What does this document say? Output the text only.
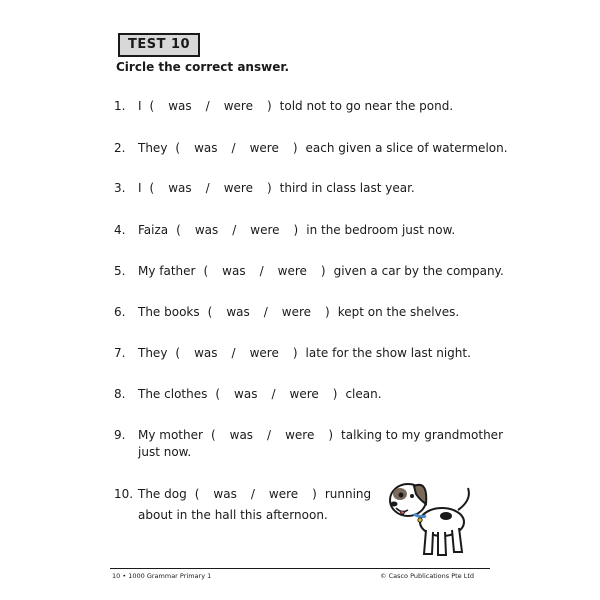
TEST 10
Circle the correct answer.
1. I ( was / were ) told not to go near the pond.
2. They ( was / were ) each given a slice of watermelon.
3. I ( was / were ) third in class last year.
4. Faiza ( was / were ) in the bedroom just now.
5. My father ( was / were ) given a car by the company.
6. The books ( was / were ) kept on the shelves.
7. They ( was / were ) late for the show last night.
8. The clothes ( was / were ) clean.
9. My mother ( was / were ) talking to my grandmother
just now.
10. The dog ( was / were ) running
about in the hall this afternoon.
10 • 1000 Grammar Primary 1	© Casco Publications Pte Ltd
